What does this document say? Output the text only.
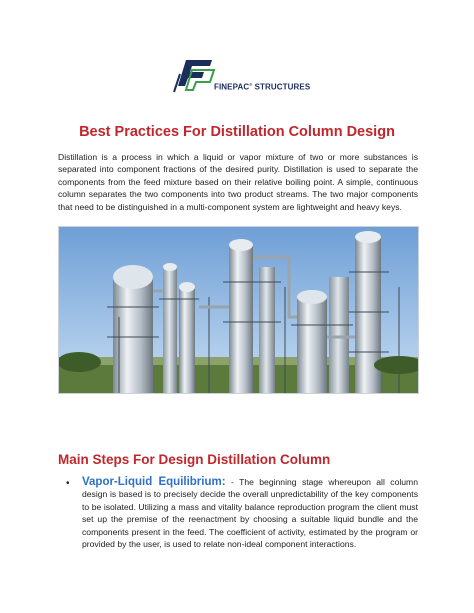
FINEPAC® STRUCTURES
Best Practices For Distillation Column Design
Distillation is a process in which a liquid or vapor mixture of two or more substances is separated into component fractions of the desired purity. Distillation is used to separate the components from the feed mixture based on their relative boiling point. A simple, continuous column separates the two components into two product streams. The two major components that need to be distinguished in a multi-component system are lightweight and heavy keys.
Main Steps For Design Distillation Column
• Vapor-Liquid Equilibrium: - The beginning stage whereupon all column design is based is to precisely decide the overall unpredictability of the key components to be isolated. Utilizing a mass and vitality balance reproduction program the client must set up the premise of the reenactment by choosing a suitable liquid bundle and the components present in the feed. The coefficient of activity, estimated by the program or provided by the user, is used to relate non-ideal component interactions.
